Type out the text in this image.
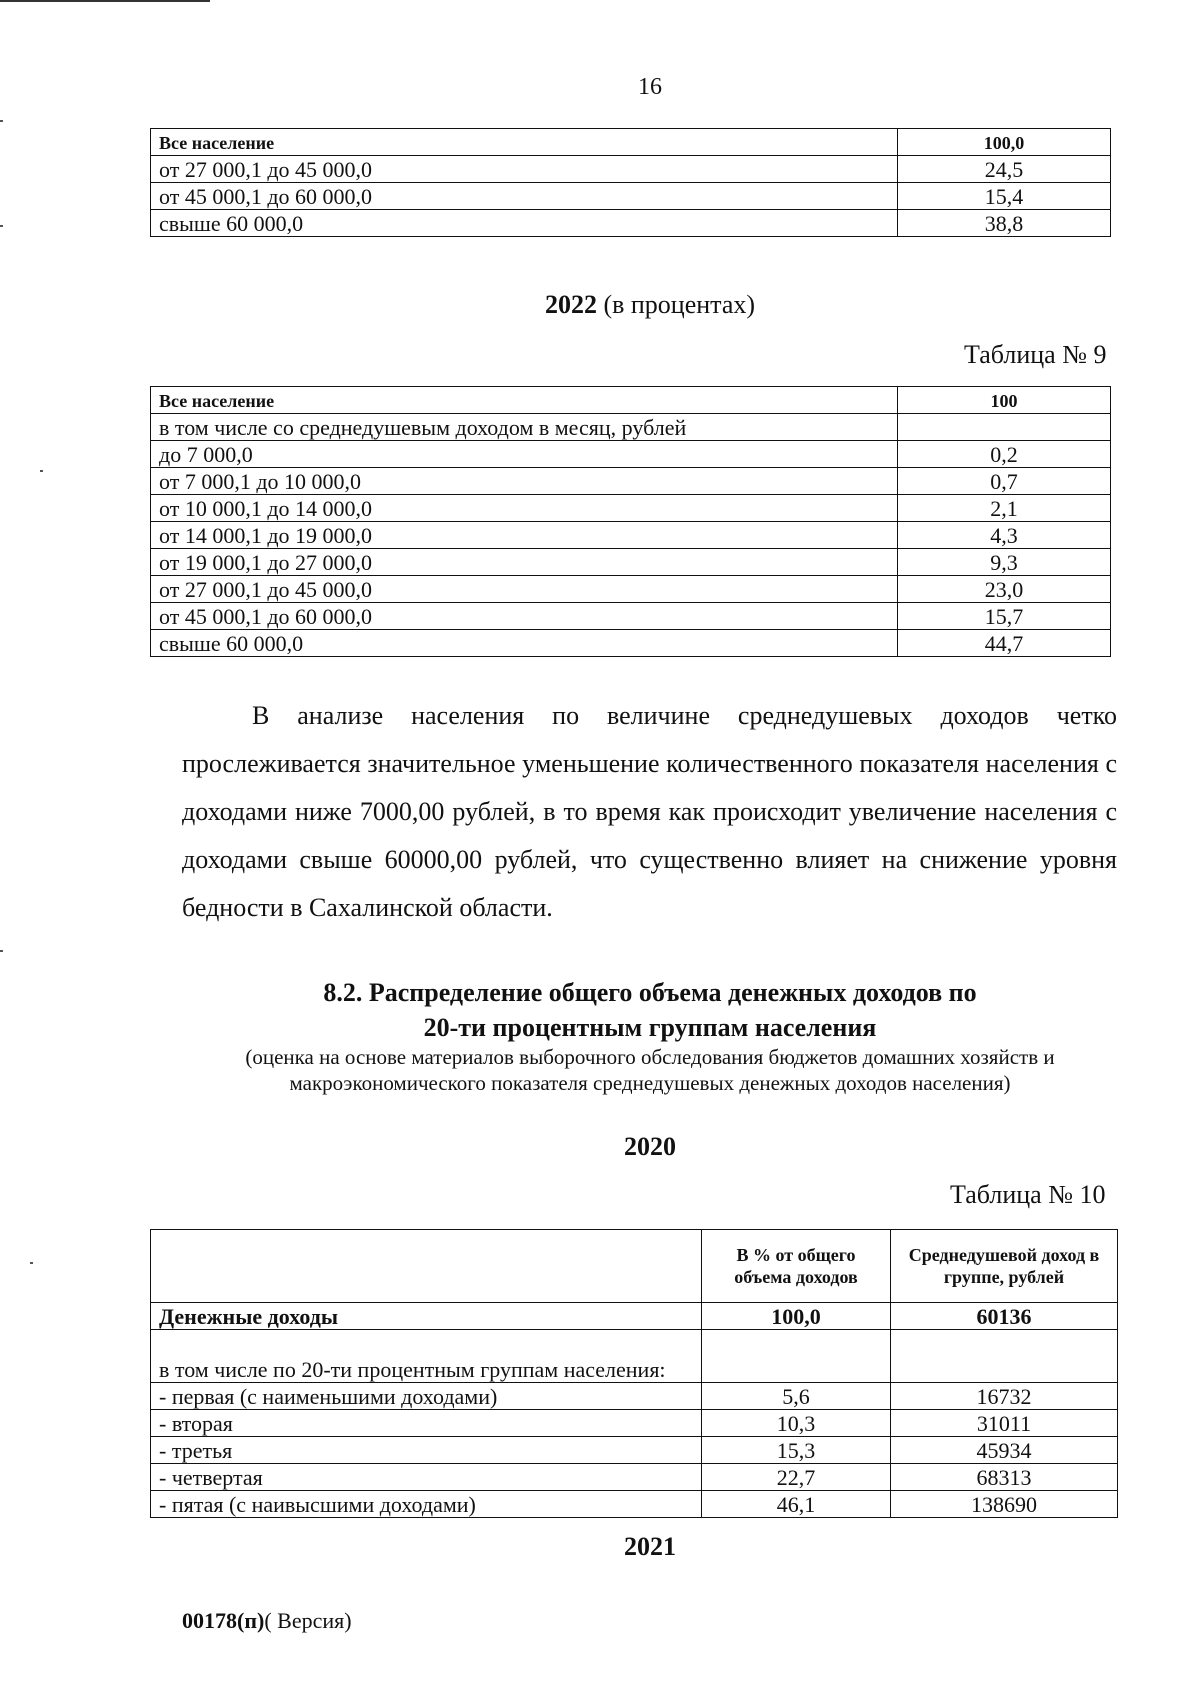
16
Все население	100,0
от 27 000,1 до 45 000,0	24,5
от 45 000,1 до 60 000,0	15,4
свыше 60 000,0	38,8
2022 (в процентах)
Таблица № 9
Все население	100
в том числе со среднедушевым доходом в месяц, рублей	
до 7 000,0	0,2
от 7 000,1 до 10 000,0	0,7
от 10 000,1 до 14 000,0	2,1
от 14 000,1 до 19 000,0	4,3
от 19 000,1 до 27 000,0	9,3
от 27 000,1 до 45 000,0	23,0
от 45 000,1 до 60 000,0	15,7
свыше 60 000,0	44,7

В анализе населения по величине среднедушевых доходов четко прослеживается значительное уменьшение количественного показателя населения с доходами ниже 7000,00 рублей, в то время как происходит увеличение населения с доходами свыше 60000,00 рублей, что существенно влияет на снижение уровня бедности в Сахалинской области.

8.2. Распределение общего объема денежных доходов по
20-ти процентным группам населения
(оценка на основе материалов выборочного обследования бюджетов домашних хозяйств и
макроэкономического показателя среднедушевых денежных доходов населения)
2020
Таблица № 10
	В % от общего объема доходов	Среднедушевой доход в группе, рублей
Денежные доходы	100,0	60136
в том числе по 20-ти процентным группам населения:		
- первая (с наименьшими доходами)	5,6	16732
- вторая	10,3	31011
- третья	15,3	45934
- четвертая	22,7	68313
- пятая (с наивысшими доходами)	46,1	138690
2021
00178(п)( Версия)
